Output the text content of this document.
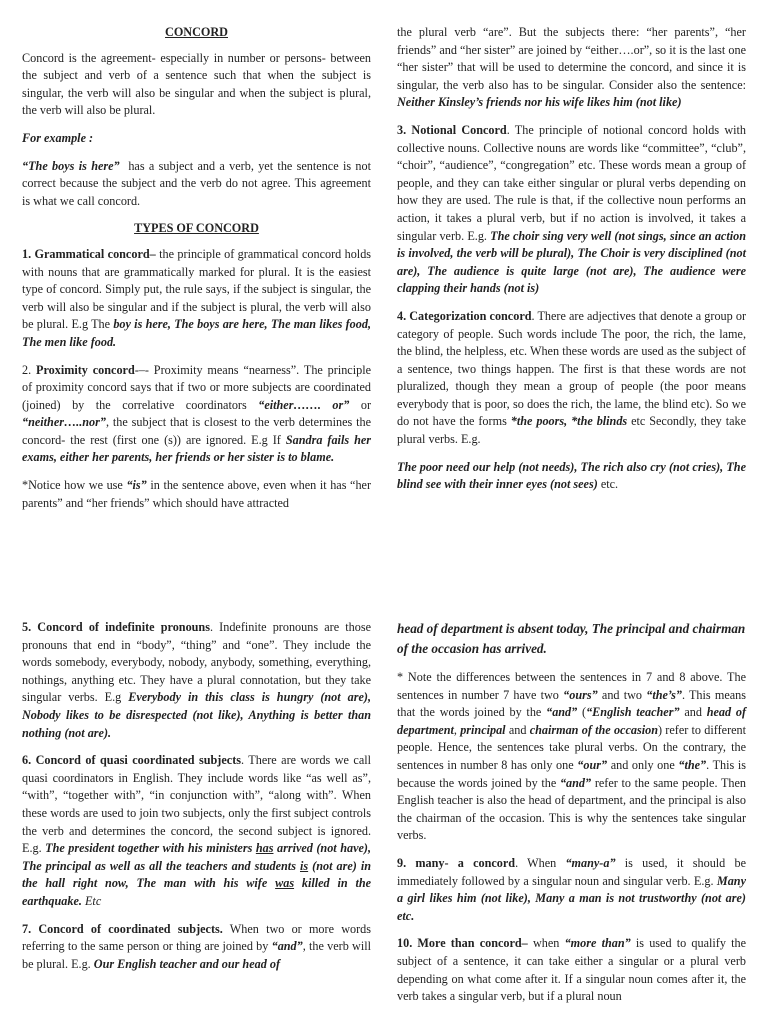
CONCORD

Concord is the agreement- especially in number or persons- between the subject and verb of a sentence such that when the subject is singular, the verb will also be singular and when the subject is plural, the verb will also be plural.

For example :

“The boys is here” has a subject and a verb, yet the sentence is not correct because the subject and the verb do not agree. This agreement is what we call concord.

TYPES OF CONCORD

1. Grammatical concord– the principle of grammatical concord holds with nouns that are grammatically marked for plural. It is the easiest type of concord. Simply put, the rule says, if the subject is singular, the verb will also be singular and if the subject is plural, the verb will also be plural. E.g The boy is here, The boys are here, The man likes food, The men like food.

2. Proximity concord-–- Proximity means “nearness”. The principle of proximity concord says that if two or more subjects are coordinated (joined) by the correlative coordinators “either……. or” or “neither…..nor”, the subject that is closest to the verb determines the concord- the rest (first one (s)) are ignored. E.g If Sandra fails her exams, either her parents, her friends or her sister is to blame.

*Notice how we use “is” in the sentence above, even when it has “her parents” and “her friends” which should have attracted

the plural verb “are”. But the subjects there: “her parents”, “her friends” and “her sister” are joined by “either….or”, so it is the last one “her sister” that will be used to determine the concord, and since it is singular, the verb also has to be singular. Consider also the sentence: Neither Kinsley’s friends nor his wife likes him (not like)

3. Notional Concord. The principle of notional concord holds with collective nouns. Collective nouns are words like “committee”, “club”, “choir”, “audience”, “congregation” etc. These words mean a group of people, and they can take either singular or plural verbs depending on how they are used. The rule is that, if the collective noun performs an action, it takes a plural verb, but if no action is involved, it takes a singular verb. E.g. The choir sing very well (not sings, since an action is involved, the verb will be plural), The Choir is very disciplined (not are), The audience is quite large (not are), The audience were clapping their hands (not is)

4. Categorization concord. There are adjectives that denote a group or category of people. Such words include The poor, the rich, the lame, the blind, the helpless, etc. When these words are used as the subject of a sentence, two things happen. The first is that these words are not pluralized, though they mean a group of people (the poor means everybody that is poor, so does the rich, the lame, the blind etc). So we do not have the forms *the poors, *the blinds etc Secondly, they take plural verbs. E.g.

The poor need our help (not needs), The rich also cry (not cries), The blind see with their inner eyes (not sees) etc.

5. Concord of indefinite pronouns. Indefinite pronouns are those pronouns that end in “body”, “thing” and “one”. They include the words somebody, everybody, nobody, anybody, something, everything, nothings, anything etc. They have a plural connotation, but they take singular verbs. E.g Everybody in this class is hungry (not are), Nobody likes to be disrespected (not like), Anything is better than nothing (not are).

6. Concord of quasi coordinated subjects. There are words we call quasi coordinators in English. They include words like “as well as”, “with”, “together with”, “in conjunction with”, “along with”. When these words are used to join two subjects, only the first subject controls the verb and determines the concord, the second subject is ignored. E.g. The president together with his ministers has arrived (not have), The principal as well as all the teachers and students is (not are) in the hall right now, The man with his wife was killed in the earthquake. Etc

7. Concord of coordinated subjects. When two or more words referring to the same person or thing are joined by “and”, the verb will be plural. E.g. Our English teacher and our head of

head of department is absent today, The principal and chairman of the occasion has arrived.

* Note the differences between the sentences in 7 and 8 above. The sentences in number 7 have two “ours” and two “the’s”. This means that the words joined by the “and” (“English teacher” and head of department, principal and chairman of the occasion) refer to different people. Hence, the sentences take plural verbs. On the contrary, the sentences in number 8 has only one “our” and only one “the”. This is because the words joined by the “and” refer to the same people. Then English teacher is also the head of department, and the principal is also the chairman of the occasion. This is why the sentences take singular verbs.

9. many- a concord. When “many-a” is used, it should be immediately followed by a singular noun and singular verb. E.g. Many a girl likes him (not like), Many a man is not trustworthy (not are) etc.

10. More than concord– when “more than” is used to qualify the subject of a sentence, it can take either a singular or a plural verb depending on what come after it. If a singular noun comes after it, the verb takes a singular verb, but if a plural noun
